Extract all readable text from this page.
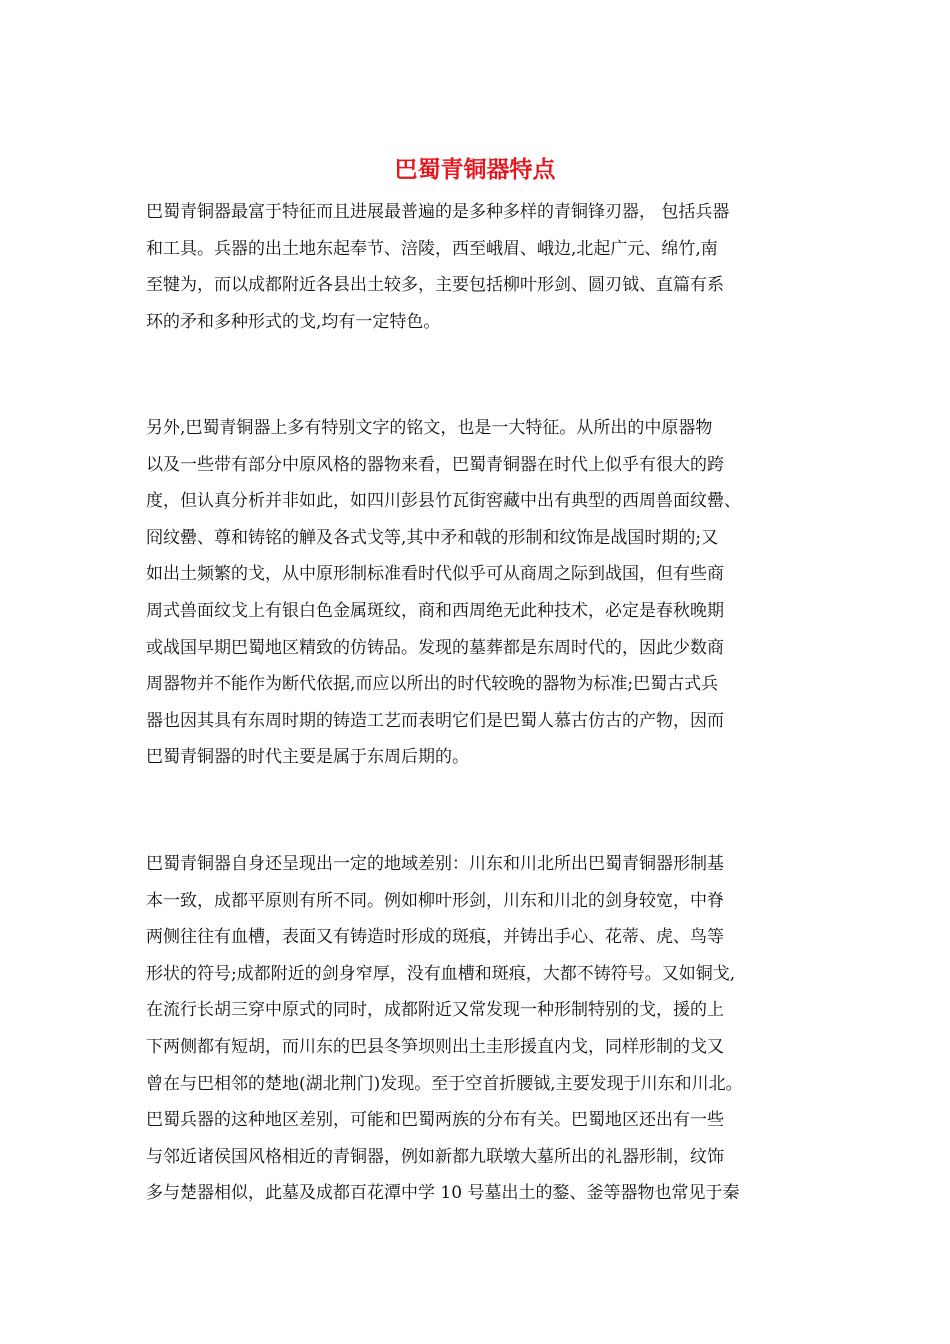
巴蜀青铜器特点
巴蜀青铜器最富于特征而且进展最普遍的是多种多样的青铜锋刃器， 包括兵器
和工具。兵器的出土地东起奉节、涪陵，西至峨眉、峨边,北起广元、绵竹,南
至犍为，而以成都附近各县出土较多，主要包括柳叶形剑、圆刃钺、直篇有系
环的矛和多种形式的戈,均有一定特色。
另外,巴蜀青铜器上多有特别文字的铭文，也是一大特征。从所出的中原器物
以及一些带有部分中原风格的器物来看，巴蜀青铜器在时代上似乎有很大的跨
度，但认真分析并非如此，如四川彭县竹瓦街窖藏中出有典型的西周兽面纹罍、
冏纹罍、尊和铸铭的觯及各式戈等,其中矛和戟的形制和纹饰是战国时期的;又
如出土频繁的戈，从中原形制标准看时代似乎可从商周之际到战国，但有些商
周式兽面纹戈上有银白色金属斑纹，商和西周绝无此种技术，必定是春秋晚期
或战国早期巴蜀地区精致的仿铸品。发现的墓葬都是东周时代的，因此少数商
周器物并不能作为断代依据,而应以所出的时代较晚的器物为标准;巴蜀古式兵
器也因其具有东周时期的铸造工艺而表明它们是巴蜀人慕古仿古的产物，因而
巴蜀青铜器的时代主要是属于东周后期的。
巴蜀青铜器自身还呈现出一定的地域差别：川东和川北所出巴蜀青铜器形制基
本一致，成都平原则有所不同。例如柳叶形剑，川东和川北的剑身较宽，中脊
两侧往往有血槽，表面又有铸造时形成的斑痕，并铸出手心、花蒂、虎、鸟等
形状的符号;成都附近的剑身窄厚，没有血槽和斑痕，大都不铸符号。又如铜戈,
在流行长胡三穿中原式的同时，成都附近又常发现一种形制特别的戈，援的上
下两侧都有短胡，而川东的巴县冬笋坝则出土圭形援直内戈，同样形制的戈又
曾在与巴相邻的楚地(湖北荆门)发现。至于空首折腰钺,主要发现于川东和川北。
巴蜀兵器的这种地区差别，可能和巴蜀两族的分布有关。巴蜀地区还出有一些
与邻近诸侯国风格相近的青铜器，例如新都九联墩大墓所出的礼器形制，纹饰
多与楚器相似，此墓及成都百花潭中学 10 号墓出土的鍪、釜等器物也常见于秦
